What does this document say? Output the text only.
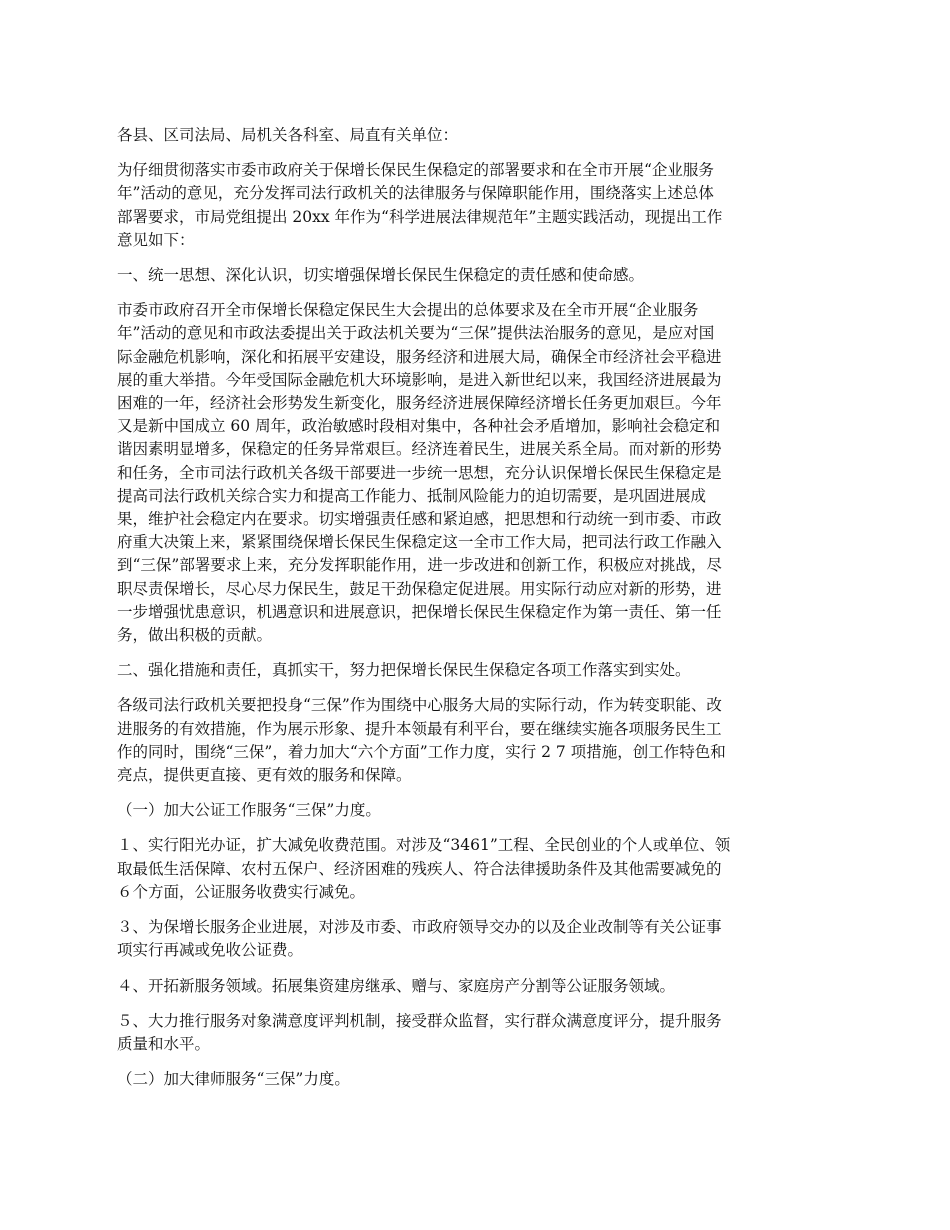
各县、区司法局、局机关各科室、局直有关单位：

为仔细贯彻落实市委市政府关于保增长保民生保稳定的部署要求和在全市开展“企业服务
年”活动的意见，充分发挥司法行政机关的法律服务与保障职能作用，围绕落实上述总体
部署要求，市局党组提出 20xx 年作为“科学进展法律规范年”主题实践活动，现提出工作
意见如下：

一、统一思想、深化认识，切实增强保增长保民生保稳定的责任感和使命感。

市委市政府召开全市保增长保稳定保民生大会提出的总体要求及在全市开展“企业服务
年”活动的意见和市政法委提出关于政法机关要为“三保”提供法治服务的意见，是应对国
际金融危机影响，深化和拓展平安建设，服务经济和进展大局，确保全市经济社会平稳进
展的重大举措。今年受国际金融危机大环境影响，是进入新世纪以来，我国经济进展最为
困难的一年，经济社会形势发生新变化，服务经济进展保障经济增长任务更加艰巨。今年
又是新中国成立 60 周年，政治敏感时段相对集中，各种社会矛盾增加，影响社会稳定和
谐因素明显增多，保稳定的任务异常艰巨。经济连着民生，进展关系全局。而对新的形势
和任务，全市司法行政机关各级干部要进一步统一思想，充分认识保增长保民生保稳定是
提高司法行政机关综合实力和提高工作能力、抵制风险能力的迫切需要，是巩固进展成
果，维护社会稳定内在要求。切实增强责任感和紧迫感，把思想和行动统一到市委、市政
府重大决策上来，紧紧围绕保增长保民生保稳定这一全市工作大局，把司法行政工作融入
到“三保”部署要求上来，充分发挥职能作用，进一步改进和创新工作，积极应对挑战，尽
职尽责保增长，尽心尽力保民生，鼓足干劲保稳定促进展。用实际行动应对新的形势，进
一步增强忧患意识，机遇意识和进展意识，把保增长保民生保稳定作为第一责任、第一任
务，做出积极的贡献。

二、强化措施和责任，真抓实干，努力把保增长保民生保稳定各项工作落实到实处。

各级司法行政机关要把投身“三保”作为围绕中心服务大局的实际行动，作为转变职能、改
进服务的有效措施，作为展示形象、提升本领最有利平台，要在继续实施各项服务民生工
作的同时，围绕“三保”，着力加大“六个方面”工作力度，实行 2 7 项措施，创工作特色和
亮点，提供更直接、更有效的服务和保障。

（一）加大公证工作服务“三保”力度。

１、实行阳光办证，扩大减免收费范围。对涉及“3461”工程、全民创业的个人或单位、领
取最低生活保障、农村五保户、经济困难的残疾人、符合法律援助条件及其他需要减免的
６个方面，公证服务收费实行减免。

３、为保增长服务企业进展，对涉及市委、市政府领导交办的以及企业改制等有关公证事
项实行再减或免收公证费。

４、开拓新服务领域。拓展集资建房继承、赠与、家庭房产分割等公证服务领域。

５、大力推行服务对象满意度评判机制，接受群众监督，实行群众满意度评分，提升服务
质量和水平。

（二）加大律师服务“三保”力度。
